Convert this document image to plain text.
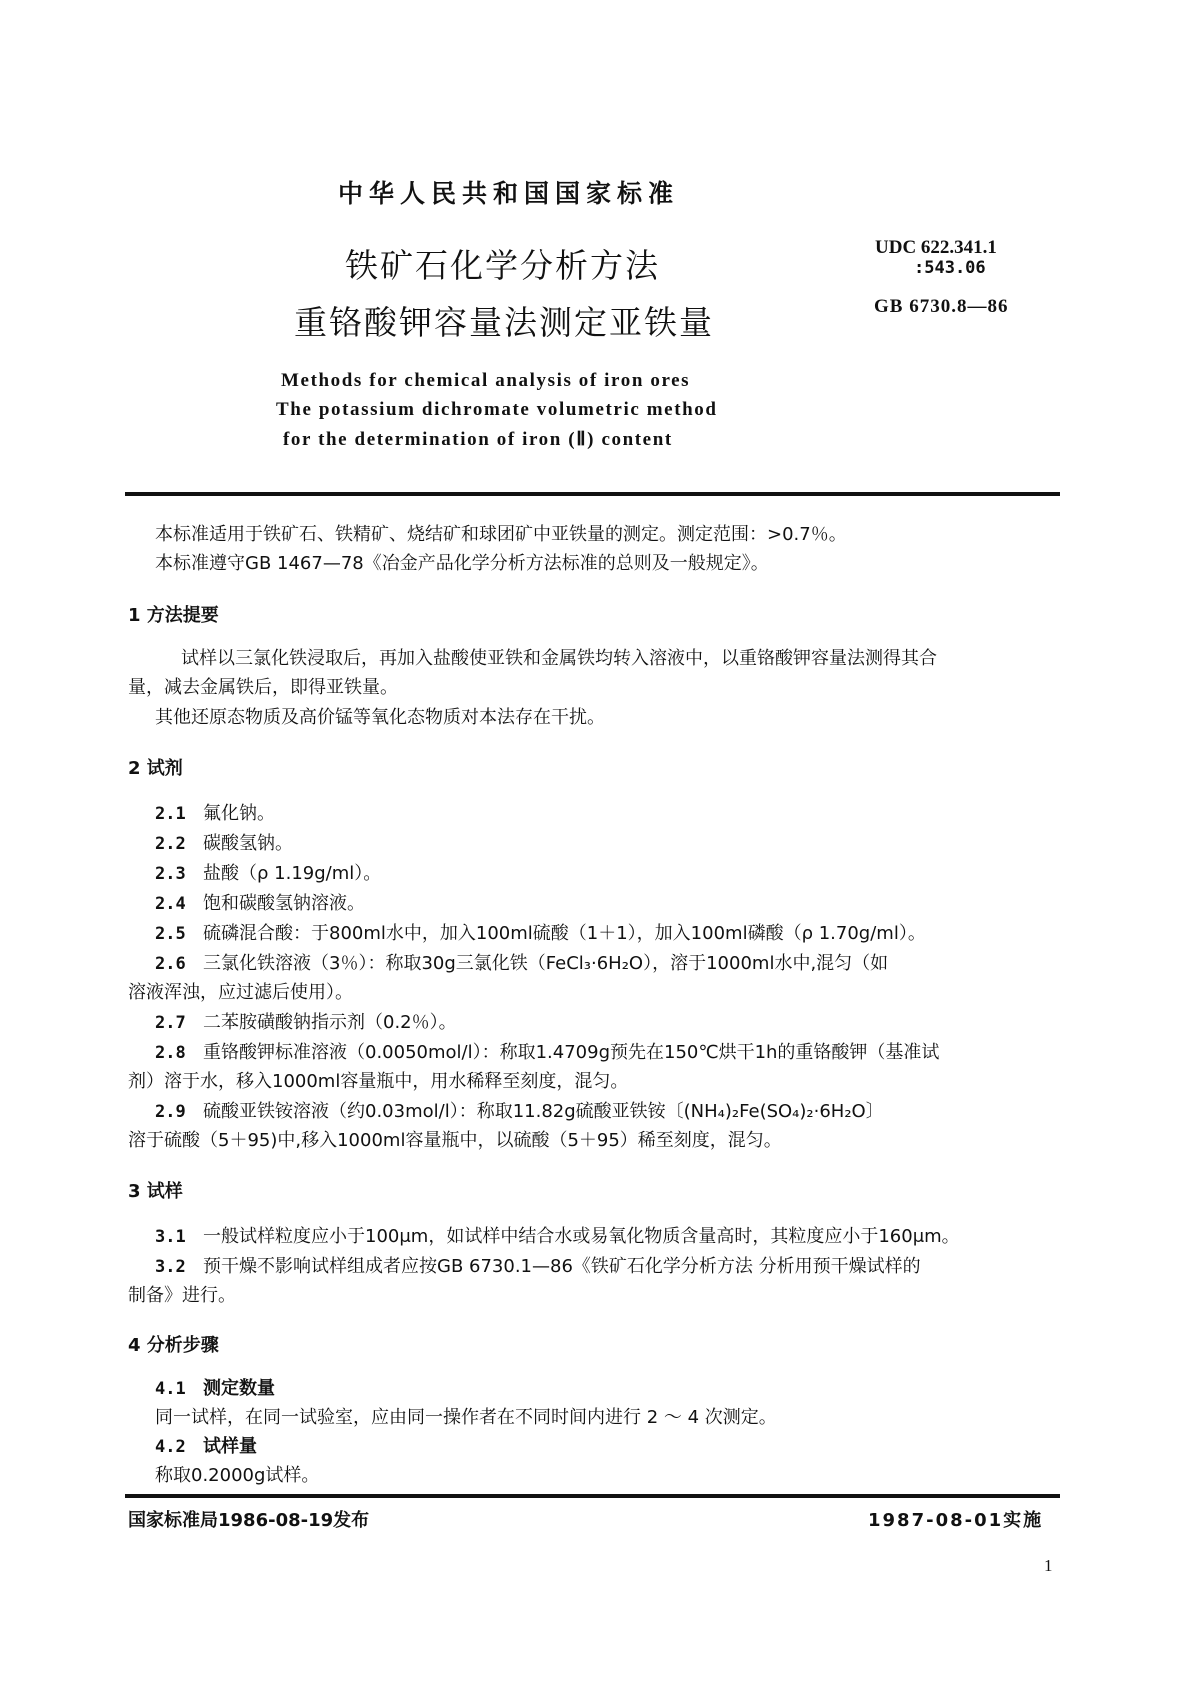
中华人民共和国国家标准
铁矿石化学分析方法
重铬酸钾容量法测定亚铁量
UDC 622.341.1
:543.06
GB 6730.8—86
Methods for chemical analysis of iron ores
The potassium dichromate volumetric method
for the determination of iron (Ⅱ) content
本标准适用于铁矿石、铁精矿、烧结矿和球团矿中亚铁量的测定。测定范围：>0.7％。
本标准遵守GB 1467—78《冶金产品化学分析方法标准的总则及一般规定》。
1 方法提要
试样以三氯化铁浸取后，再加入盐酸使亚铁和金属铁均转入溶液中，以重铬酸钾容量法测得其合
量，减去金属铁后，即得亚铁量。
其他还原态物质及高价锰等氧化态物质对本法存在干扰。
2 试剂
2.1 氟化钠。
2.2 碳酸氢钠。
2.3 盐酸（ρ 1.19g/ml）。
2.4 饱和碳酸氢钠溶液。
2.5 硫磷混合酸：于800ml水中，加入100ml硫酸（1＋1），加入100ml磷酸（ρ 1.70g/ml）。
2.6 三氯化铁溶液（3％）：称取30g三氯化铁（FeCl₃·6H₂O），溶于1000ml水中,混匀（如
溶液浑浊，应过滤后使用）。
2.7 二苯胺磺酸钠指示剂（0.2％）。
2.8 重铬酸钾标准溶液（0.0050mol/l）：称取1.4709g预先在150℃烘干1h的重铬酸钾（基准试
剂）溶于水，移入1000ml容量瓶中，用水稀释至刻度，混匀。
2.9 硫酸亚铁铵溶液（约0.03mol/l）：称取11.82g硫酸亚铁铵〔(NH₄)₂Fe(SO₄)₂·6H₂O〕
溶于硫酸（5＋95)中,移入1000ml容量瓶中，以硫酸（5＋95）稀至刻度，混匀。
3 试样
3.1 一般试样粒度应小于100μm，如试样中结合水或易氧化物质含量高时，其粒度应小于160μm。
3.2 预干燥不影响试样组成者应按GB 6730.1—86《铁矿石化学分析方法 分析用预干燥试样的
制备》进行。
4 分析步骤
4.1 测定数量
同一试样，在同一试验室，应由同一操作者在不同时间内进行 2 ～ 4 次测定。
4.2 试样量
称取0.2000g试样。
国家标准局1986-08-19发布	1987-08-01实施
1
